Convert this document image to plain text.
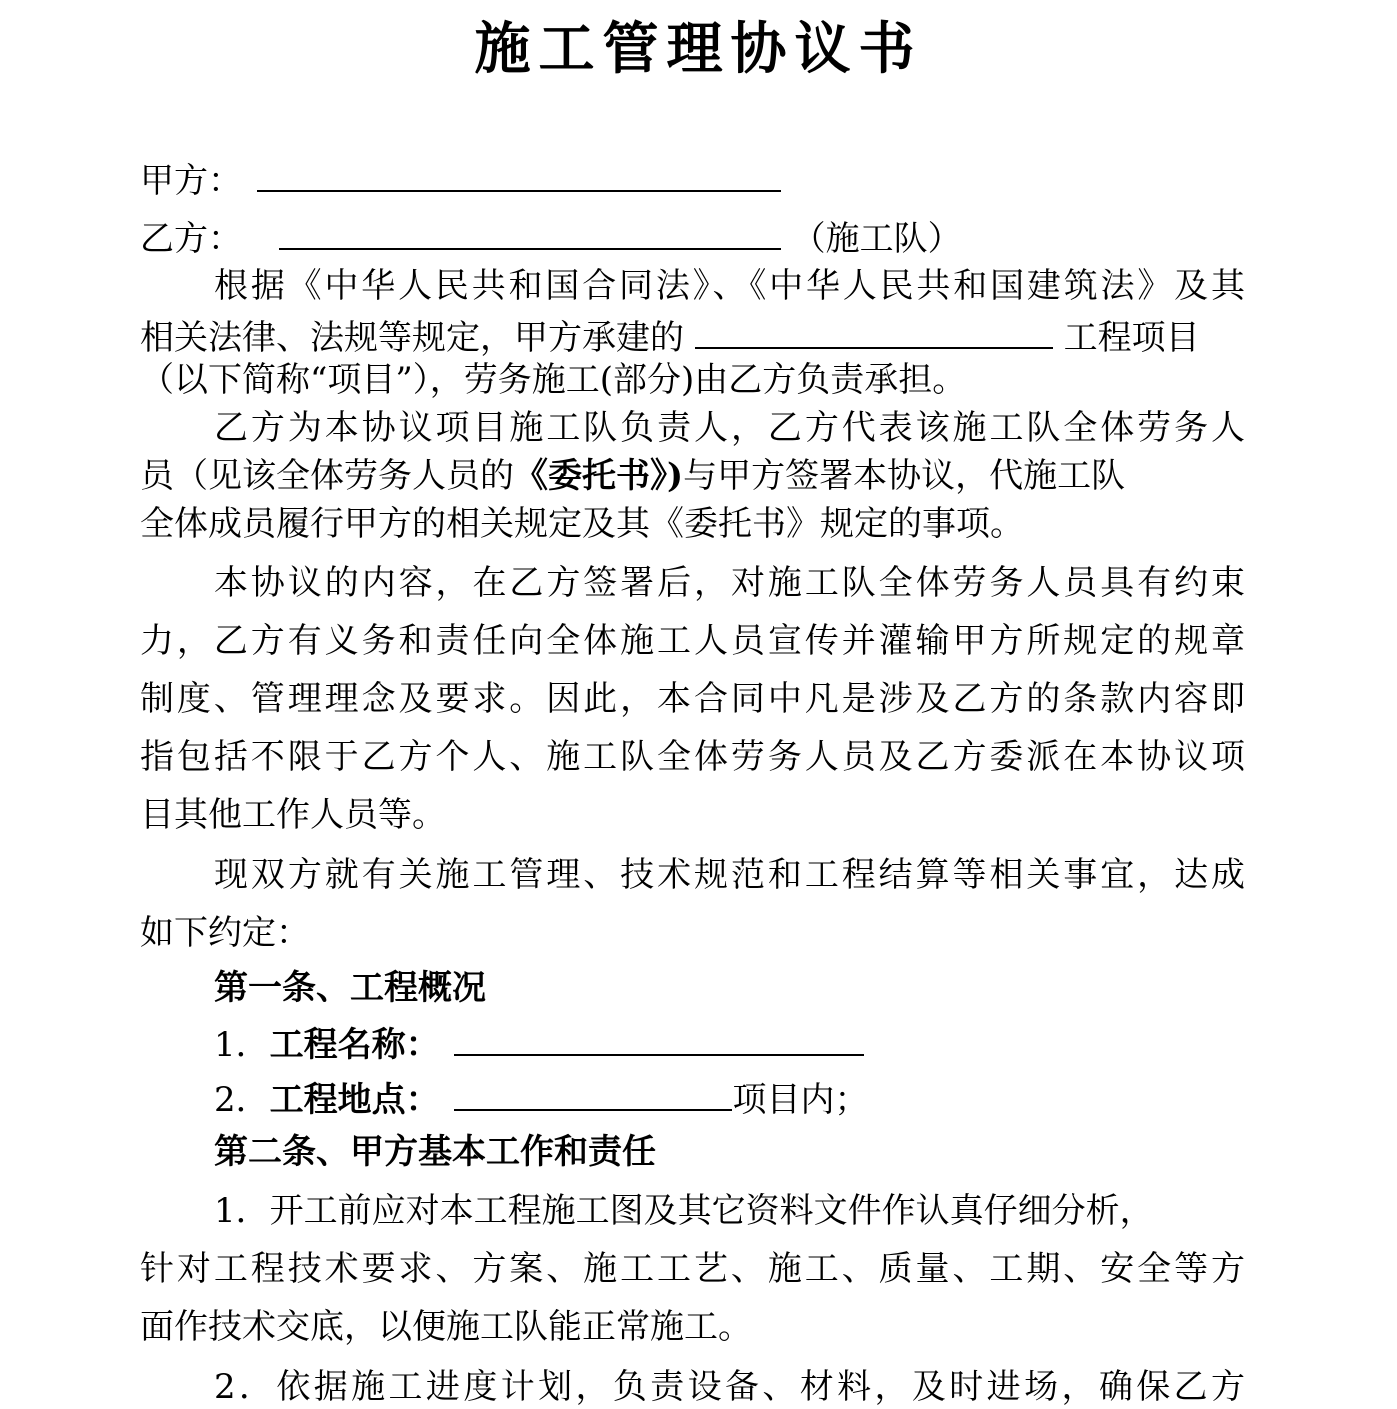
施工管理协议书
甲方：
乙方：	（施工队）
根据《中华人民共和国合同法》、《中华人民共和国建筑法》及其
相关法律、法规等规定，甲方承建的	工程项目
（以下简称“项目”），劳务施工(部分)由乙方负责承担。
乙方为本协议项目施工队负责人，乙方代表该施工队全体劳务人
员（见该全体劳务人员的《委托书》)与甲方签署本协议，代施工队
全体成员履行甲方的相关规定及其《委托书》规定的事项。
本协议的内容，在乙方签署后，对施工队全体劳务人员具有约束
力，乙方有义务和责任向全体施工人员宣传并灌输甲方所规定的规章
制度、管理理念及要求。因此，本合同中凡是涉及乙方的条款内容即
指包括不限于乙方个人、施工队全体劳务人员及乙方委派在本协议项
目其他工作人员等。
现双方就有关施工管理、技术规范和工程结算等相关事宜，达成
如下约定：
第一条、工程概况
1．工程名称：
2．工程地点：	项目内；
第二条、甲方基本工作和责任
1．开工前应对本工程施工图及其它资料文件作认真仔细分析，
针对工程技术要求、方案、施工工艺、施工、质量、工期、安全等方
面作技术交底，以便施工队能正常施工。
2．依据施工进度计划，负责设备、材料，及时进场，确保乙方
